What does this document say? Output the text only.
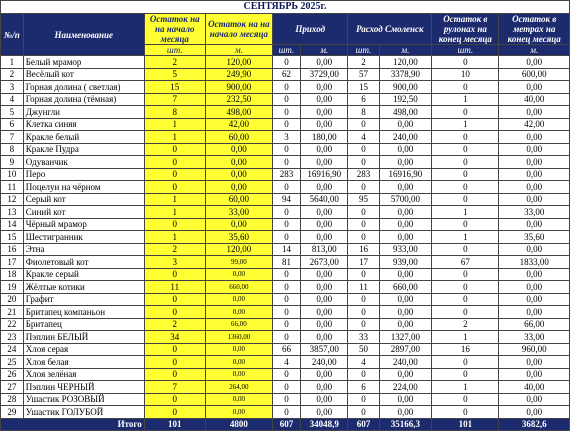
СЕНТЯБРЬ 2025г.									
№/п	Наименование	Остаток на на начало месяца	Остаток на на начало месяца	Приход		Расход Смоленск		Остаток в рулонах на конец месяца	Остаток в метрах на конец месяца
		шт.	м.	шт.	м.	шт.	м.	шт.	м.
1	Белый мрамор	2	120,00	0	0,00	2	120,00	0	0,00
2	Весёлый кот	5	249,90	62	3729,00	57	3378,90	10	600,00
3	Горная долина ( светлая)	15	900,00	0	0,00	15	900,00	0	0,00
4	Горная долина (тёмная)	7	232,50	0	0,00	6	192,50	1	40,00
5	Джунгли	8	498,00	0	0,00	8	498,00	0	0,00
6	Клетка синяя	1	42,00	0	0,00	0	0,00	1	42,00
7	Кракле белый	1	60,00	3	180,00	4	240,00	0	0,00
8	Кракле Пудра	0	0,00	0	0,00	0	0,00	0	0,00
9	Одуванчик	0	0,00	0	0,00	0	0,00	0	0,00
10	Перо	0	0,00	283	16916,90	283	16916,90	0	0,00
11	Поцелуи на чёрном	0	0,00	0	0,00	0	0,00	0	0,00
12	Серый кот	1	60,00	94	5640,00	95	5700,00	0	0,00
13	Синий кот	1	33,00	0	0,00	0	0,00	1	33,00
14	Чёрный мрамор	0	0,00	0	0,00	0	0,00	0	0,00
15	Шестигранник	1	35,60	0	0,00	0	0,00	1	35,60
16	Этна	2	120,00	14	813,00	16	933,00	0	0,00
17	Фиолетовый кот	3	99,00	81	2673,00	17	939,00	67	1833,00
18	Кракле серый	0	0,00	0	0,00	0	0,00	0	0,00
19	Жёлтые котики	11	660,00	0	0,00	11	660,00	0	0,00
20	Графит	0	0,00	0	0,00	0	0,00	0	0,00
21	Бритапец компаньон	0	0,00	0	0,00	0	0,00	0	0,00
22	Бритапец	2	66,00	0	0,00	0	0,00	2	66,00
23	Пэплин БЕЛЫЙ	34	1360,00	0	0,00	33	1327,00	1	33,00
24	Хлоя серая	0	0,00	66	3857,00	50	2897,00	16	960,00
25	Хлоя белая	0	0,00	4	240,00	4	240,00	0	0,00
26	Хлоя зелёная	0	0,00	0	0,00	0	0,00	0	0,00
27	Пэплин ЧЕРНЫЙ	7	264,00	0	0,00	6	224,00	1	40,00
28	Ушастик РОЗОВЫЙ	0	0,00	0	0,00	0	0,00	0	0,00
29	Ушастик ГОЛУБОЙ	0	0,00	0	0,00	0	0,00	0	0,00
Итого		101	4800	607	34048,9	607	35166,3	101	3682,6
